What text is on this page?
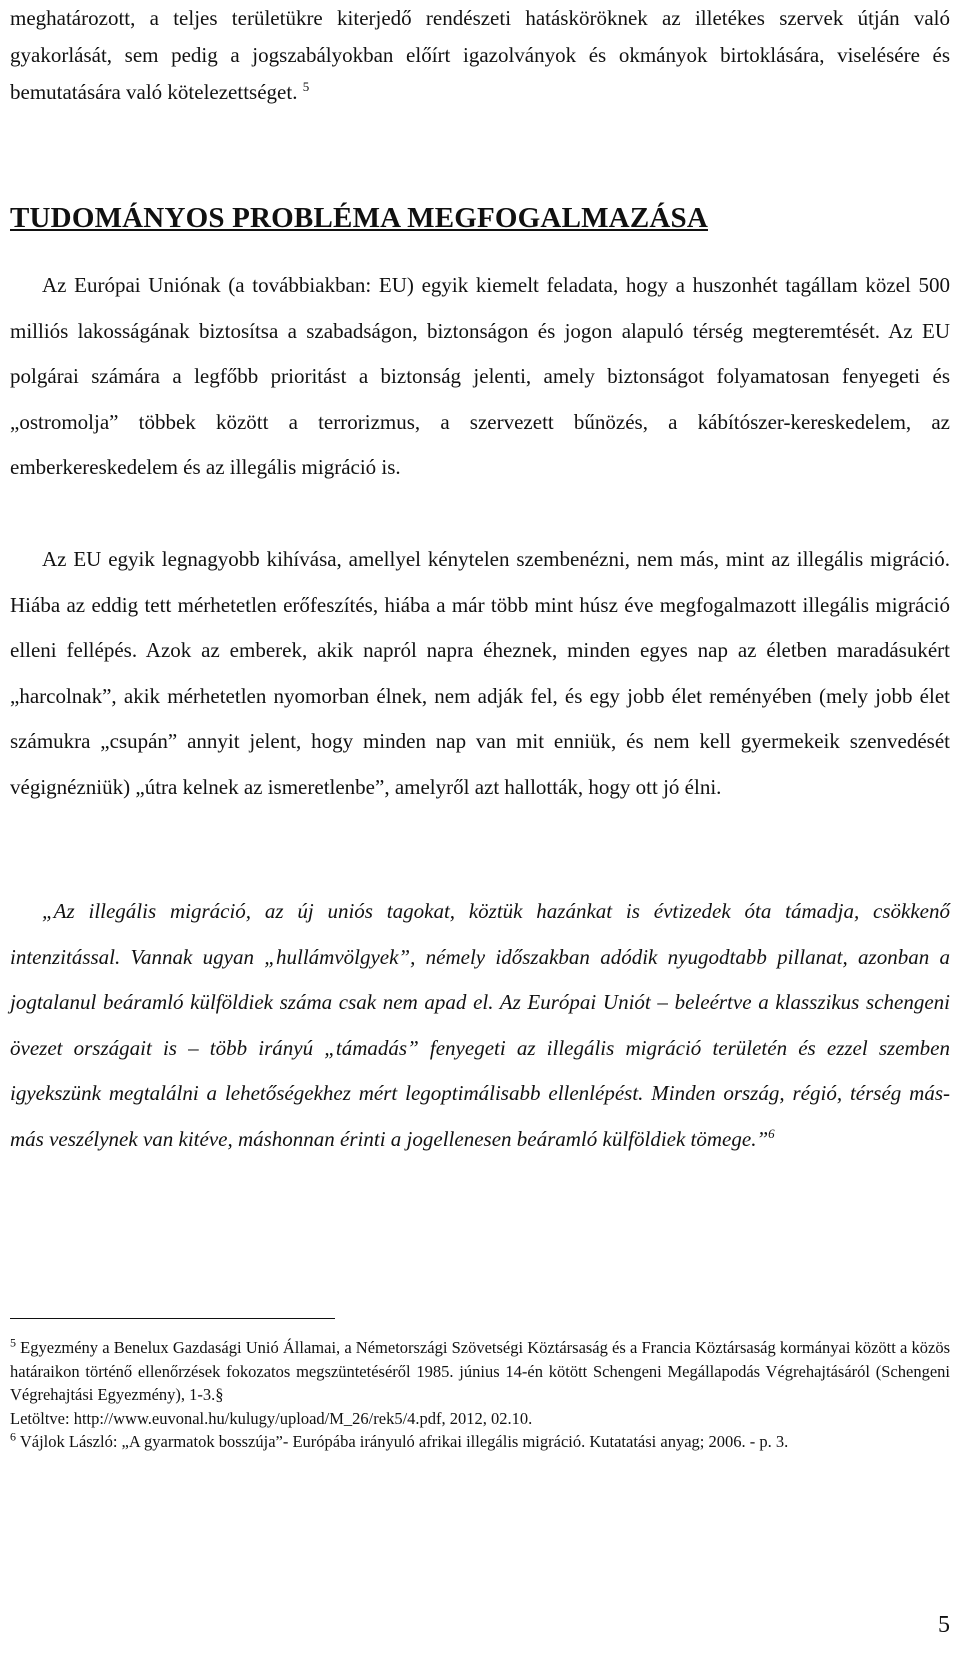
meghatározott, a teljes területükre kiterjedő rendészeti hatásköröknek az illetékes szervek útján való gyakorlását, sem pedig a jogszabályokban előírt igazolványok és okmányok birtoklására, viselésére és bemutatására való kötelezettséget. $^5$

TUDOMÁNYOS PROBLÉMA MEGFOGALMAZÁSA

Az Európai Uniónak (a továbbiakban: EU) egyik kiemelt feladata, hogy a huszonhét tagállam közel 500 milliós lakosságának biztosítsa a szabadságon, biztonságon és jogon alapuló térség megteremtését. Az EU polgárai számára a legfőbb prioritást a biztonság jelenti, amely biztonságot folyamatosan fenyegeti és „ostromolja” többek között a terrorizmus, a szervezett bűnözés, a kábítószer-kereskedelem, az emberkereskedelem és az illegális migráció is.

Az EU egyik legnagyobb kihívása, amellyel kénytelen szembenézni, nem más, mint az illegális migráció. Hiába az eddig tett mérhetetlen erőfeszítés, hiába a már több mint húsz éve megfogalmazott illegális migráció elleni fellépés. Azok az emberek, akik napról napra éheznek, minden egyes nap az életben maradásukért „harcolnak”, akik mérhetetlen nyomorban élnek, nem adják fel, és egy jobb élet reményében (mely jobb élet számukra „csupán” annyit jelent, hogy minden nap van mit enniük, és nem kell gyermekeik szenvedését végignézniük) „útra kelnek az ismeretlenbe”, amelyről azt hallották, hogy ott jó élni.

„Az illegális migráció, az új uniós tagokat, köztük hazánkat is évtizedek óta támadja, csökkenő intenzitással. Vannak ugyan „hullámvölgyek”, némely időszakban adódik nyugodtabb pillanat, azonban a jogtalanul beáramló külföldiek száma csak nem apad el. Az Európai Uniót – beleértve a klasszikus schengeni övezet országait is – több irányú „támadás” fenyegeti az illegális migráció területén és ezzel szemben igyekszünk megtalálni a lehetőségekhez mért legoptimálisabb ellenlépést. Minden ország, régió, térség más-más veszélynek van kitéve, máshonnan érinti a jogellenesen beáramló külföldiek tömege.”$^6$

$^5$ Egyezmény a Benelux Gazdasági Unió Államai, a Németországi Szövetségi Köztársaság és a Francia Köztársaság kormányai között a közös határaikon történő ellenőrzések fokozatos megszüntetéséről 1985. június 14-én kötött Schengeni Megállapodás Végrehajtásáról (Schengeni Végrehajtási Egyezmény), 1-3.§

Letöltve: http://www.euvonal.hu/kulugy/upload/M_26/rek5/4.pdf, 2012, 02.10.

$^6$ Vájlok László: „A gyarmatok bosszúja”- Európába irányuló afrikai illegális migráció. Kutatatási anyag; 2006. - p. 3.

5
